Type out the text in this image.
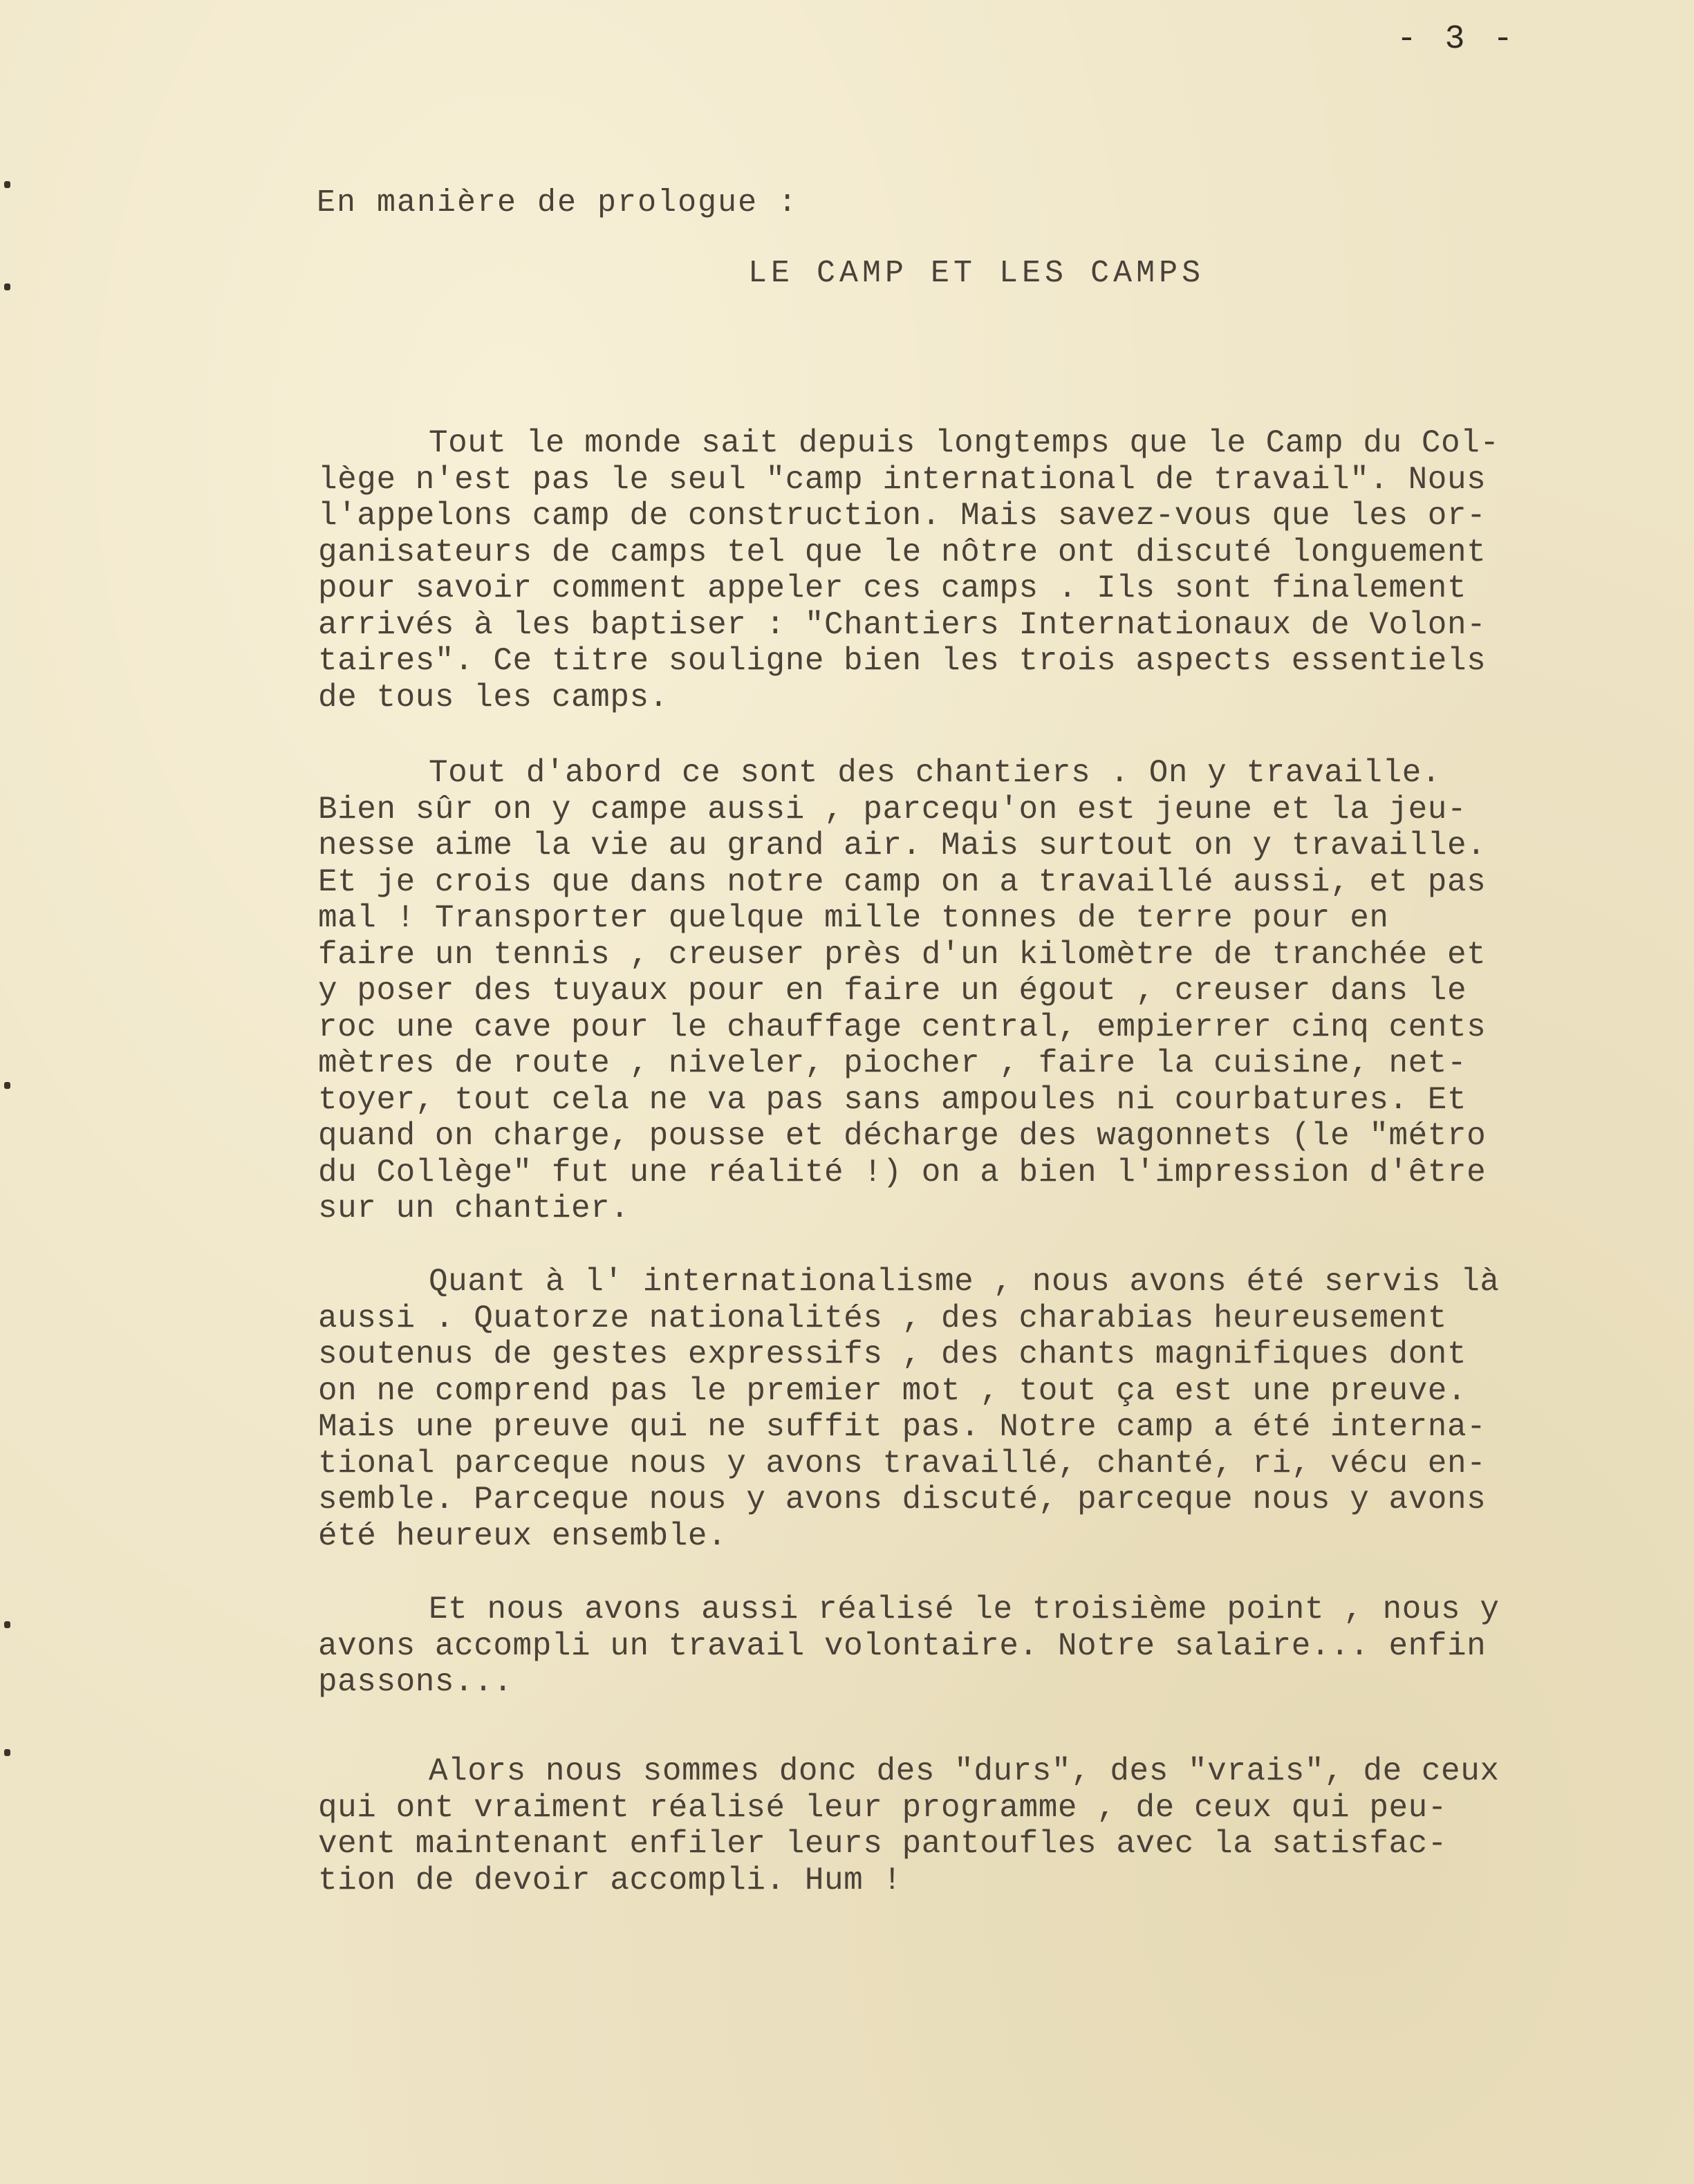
- 3 -
En manière de prologue :
LE CAMP ET LES CAMPS
Tout le monde sait depuis longtemps que le Camp du Col-
lège n'est pas le seul "camp international de travail". Nous
l'appelons camp de construction. Mais savez-vous que les or-
ganisateurs de camps tel que le nôtre ont discuté longuement
pour savoir comment appeler ces camps . Ils sont finalement
arrivés à les baptiser : "Chantiers Internationaux de Volon-
taires". Ce titre souligne bien les trois aspects essentiels
de tous les camps.
Tout d'abord ce sont des chantiers . On y travaille.
Bien sûr on y campe aussi , parcequ'on est jeune et la jeu-
nesse aime la vie au grand air. Mais surtout on y travaille.
Et je crois que dans notre camp on a travaillé aussi, et pas
mal ! Transporter quelque mille tonnes de terre pour en
faire un tennis , creuser près d'un kilomètre de tranchée et
y poser des tuyaux pour en faire un égout , creuser dans le
roc une cave pour le chauffage central, empierrer cinq cents
mètres de route , niveler, piocher , faire la cuisine, net-
toyer, tout cela ne va pas sans ampoules ni courbatures. Et
quand on charge, pousse et décharge des wagonnets (le "métro
du Collège" fut une réalité !) on a bien l'impression d'être
sur un chantier.
Quant à l' internationalisme , nous avons été servis là
aussi . Quatorze nationalités , des charabias heureusement
soutenus de gestes expressifs , des chants magnifiques dont
on ne comprend pas le premier mot , tout ça est une preuve.
Mais une preuve qui ne suffit pas. Notre camp a été interna-
tional parceque nous y avons travaillé, chanté, ri, vécu en-
semble. Parceque nous y avons discuté, parceque nous y avons
été heureux ensemble.
Et nous avons aussi réalisé le troisième point , nous y
avons accompli un travail volontaire. Notre salaire... enfin
passons...
Alors nous sommes donc des "durs", des "vrais", de ceux
qui ont vraiment réalisé leur programme , de ceux qui peu-
vent maintenant enfiler leurs pantoufles avec la satisfac-
tion de devoir accompli. Hum !
